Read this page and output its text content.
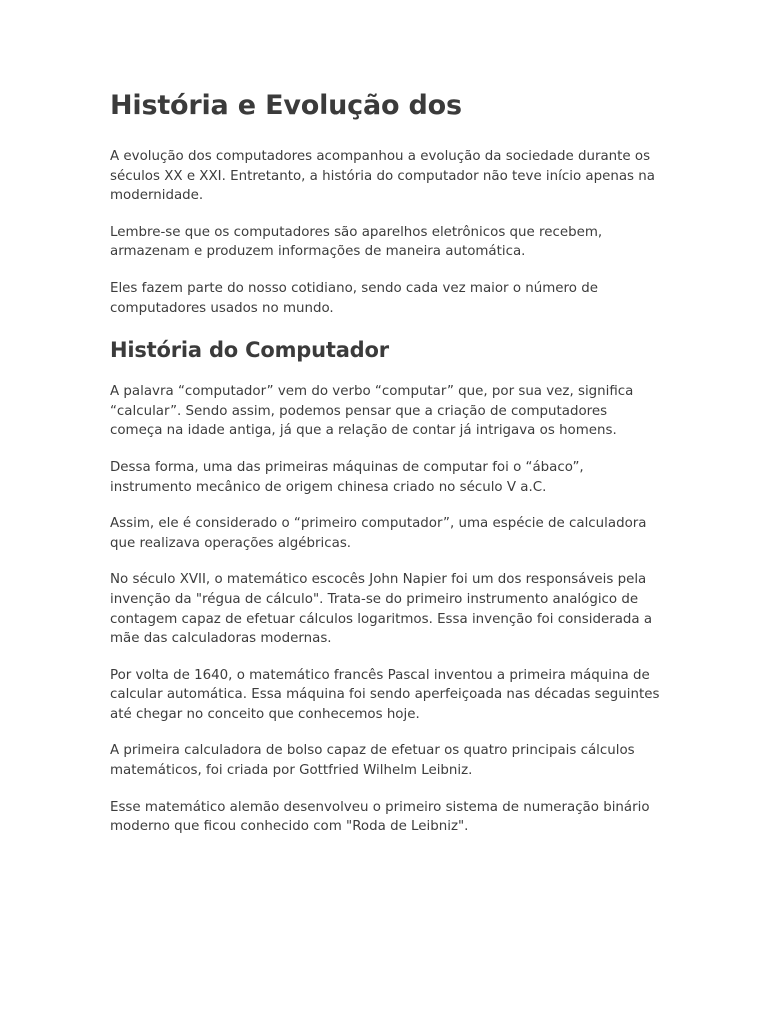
História e Evolução dos

A evolução dos computadores acompanhou a evolução da sociedade durante os séculos XX e XXI. Entretanto, a história do computador não teve início apenas na modernidade.

Lembre-se que os computadores são aparelhos eletrônicos que recebem, armazenam e produzem informações de maneira automática.

Eles fazem parte do nosso cotidiano, sendo cada vez maior o número de computadores usados no mundo.

História do Computador

A palavra “computador” vem do verbo “computar” que, por sua vez, significa “calcular”. Sendo assim, podemos pensar que a criação de computadores começa na idade antiga, já que a relação de contar já intrigava os homens.

Dessa forma, uma das primeiras máquinas de computar foi o “ábaco”, instrumento mecânico de origem chinesa criado no século V a.C.

Assim, ele é considerado o “primeiro computador”, uma espécie de calculadora que realizava operações algébricas.

No século XVII, o matemático escocês John Napier foi um dos responsáveis pela invenção da "régua de cálculo". Trata-se do primeiro instrumento analógico de contagem capaz de efetuar cálculos logaritmos. Essa invenção foi considerada a mãe das calculadoras modernas.

Por volta de 1640, o matemático francês Pascal inventou a primeira máquina de calcular automática. Essa máquina foi sendo aperfeiçoada nas décadas seguintes até chegar no conceito que conhecemos hoje.

A primeira calculadora de bolso capaz de efetuar os quatro principais cálculos matemáticos, foi criada por Gottfried Wilhelm Leibniz.

Esse matemático alemão desenvolveu o primeiro sistema de numeração binário moderno que ficou conhecido com "Roda de Leibniz".
